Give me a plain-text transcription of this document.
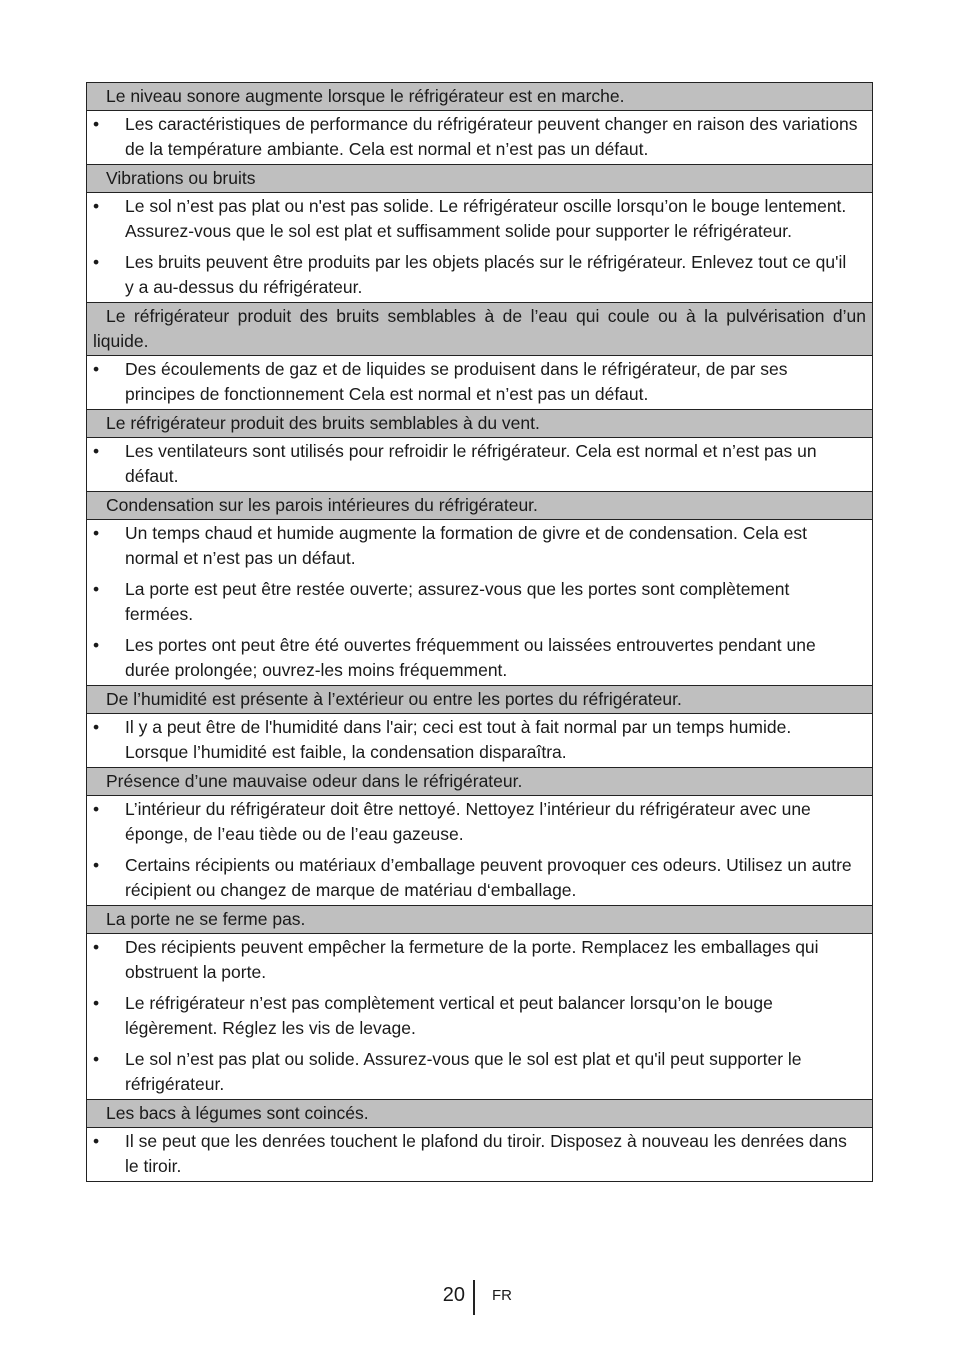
Le niveau sonore augmente lorsque le réfrigérateur est en marche.
•	Les caractéristiques de performance du réfrigérateur peuvent changer en raison des variations de la température ambiante. Cela est normal et n’est pas un défaut.
Vibrations ou bruits
•	Le sol n’est pas plat ou n'est pas solide. Le réfrigérateur oscille lorsqu’on le bouge lentement. Assurez-vous que le sol est plat et suffisamment solide pour supporter le réfrigérateur.
•	Les bruits peuvent être produits par les objets placés sur le réfrigérateur. Enlevez tout ce qu'il y a au-dessus du réfrigérateur.
Le réfrigérateur produit des bruits semblables à de l’eau qui coule ou à la pulvérisation d’un liquide.
•	Des écoulements de gaz et de liquides se produisent dans le réfrigérateur, de par ses principes de fonctionnement Cela est normal et n’est pas un défaut.
Le réfrigérateur produit des bruits semblables à du vent.
•	Les ventilateurs sont utilisés pour refroidir le réfrigérateur. Cela est normal et n’est pas un défaut.
Condensation sur les parois intérieures du réfrigérateur.
•	Un temps chaud et humide augmente la formation de givre et de condensation. Cela est normal et n’est pas un défaut.
•	La porte est peut être restée ouverte; assurez-vous que les portes sont complètement fermées.
•	Les portes ont peut être été ouvertes fréquemment ou laissées entrouvertes pendant une durée prolongée; ouvrez-les moins fréquemment.
De l’humidité est présente à l’extérieur ou entre les portes du réfrigérateur.
•	Il y a peut être de l'humidité dans l'air; ceci est tout à fait normal par un temps humide. Lorsque l’humidité est faible, la condensation disparaîtra.
Présence d’une mauvaise odeur dans le réfrigérateur.
•	L’intérieur du réfrigérateur doit être nettoyé. Nettoyez l’intérieur du réfrigérateur avec une éponge, de l’eau tiède ou de l’eau gazeuse.
•	Certains récipients ou matériaux d’emballage peuvent provoquer ces odeurs. Utilisez un autre récipient ou changez de marque de matériau d‘emballage.
La porte ne se ferme pas.
•	Des récipients peuvent empêcher la fermeture de la porte. Remplacez les emballages qui obstruent la porte.
•	Le réfrigérateur n’est pas complètement vertical et peut balancer lorsqu’on le bouge légèrement. Réglez les vis de levage.
•	Le sol n’est pas plat ou solide. Assurez-vous que le sol est plat et qu'il peut supporter le réfrigérateur.
Les bacs à légumes sont coincés.
•	Il se peut que les denrées touchent le plafond du tiroir. Disposez à nouveau les denrées dans le tiroir.
20 FR
